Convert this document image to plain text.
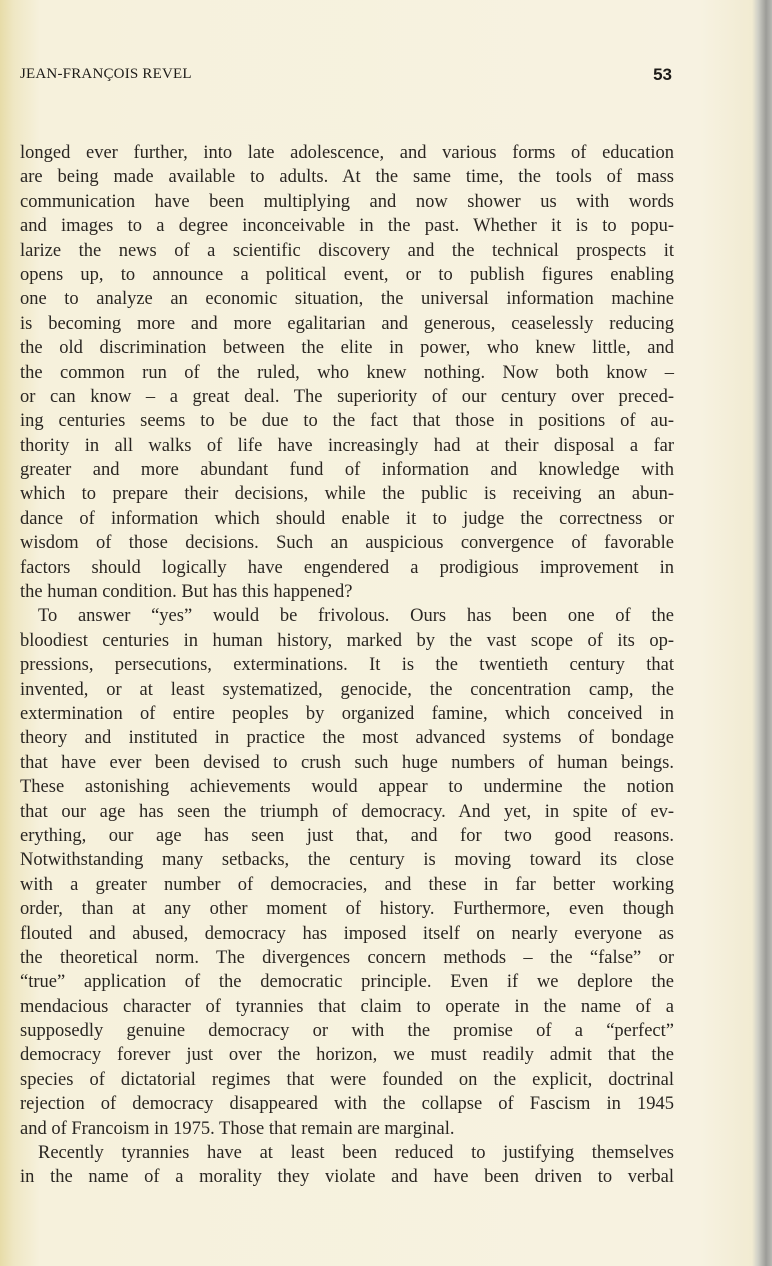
JEAN-FRANÇOIS REVEL	53
longed ever further, into late adolescence, and various forms of education
are being made available to adults. At the same time, the tools of mass
communication have been multiplying and now shower us with words
and images to a degree inconceivable in the past. Whether it is to popu-
larize the news of a scientific discovery and the technical prospects it
opens up, to announce a political event, or to publish figures enabling
one to analyze an economic situation, the universal information machine
is becoming more and more egalitarian and generous, ceaselessly reducing
the old discrimination between the elite in power, who knew little, and
the common run of the ruled, who knew nothing. Now both know –
or can know – a great deal. The superiority of our century over preced-
ing centuries seems to be due to the fact that those in positions of au-
thority in all walks of life have increasingly had at their disposal a far
greater and more abundant fund of information and knowledge with
which to prepare their decisions, while the public is receiving an abun-
dance of information which should enable it to judge the correctness or
wisdom of those decisions. Such an auspicious convergence of favorable
factors should logically have engendered a prodigious improvement in
the human condition. But has this happened?
To answer “yes” would be frivolous. Ours has been one of the
bloodiest centuries in human history, marked by the vast scope of its op-
pressions, persecutions, exterminations. It is the twentieth century that
invented, or at least systematized, genocide, the concentration camp, the
extermination of entire peoples by organized famine, which conceived in
theory and instituted in practice the most advanced systems of bondage
that have ever been devised to crush such huge numbers of human beings.
These astonishing achievements would appear to undermine the notion
that our age has seen the triumph of democracy. And yet, in spite of ev-
erything, our age has seen just that, and for two good reasons.
Notwithstanding many setbacks, the century is moving toward its close
with a greater number of democracies, and these in far better working
order, than at any other moment of history. Furthermore, even though
flouted and abused, democracy has imposed itself on nearly everyone as
the theoretical norm. The divergences concern methods – the “false” or
“true” application of the democratic principle. Even if we deplore the
mendacious character of tyrannies that claim to operate in the name of a
supposedly genuine democracy or with the promise of a “perfect”
democracy forever just over the horizon, we must readily admit that the
species of dictatorial regimes that were founded on the explicit, doctrinal
rejection of democracy disappeared with the collapse of Fascism in 1945
and of Francoism in 1975. Those that remain are marginal.
Recently tyrannies have at least been reduced to justifying themselves
in the name of a morality they violate and have been driven to verbal
